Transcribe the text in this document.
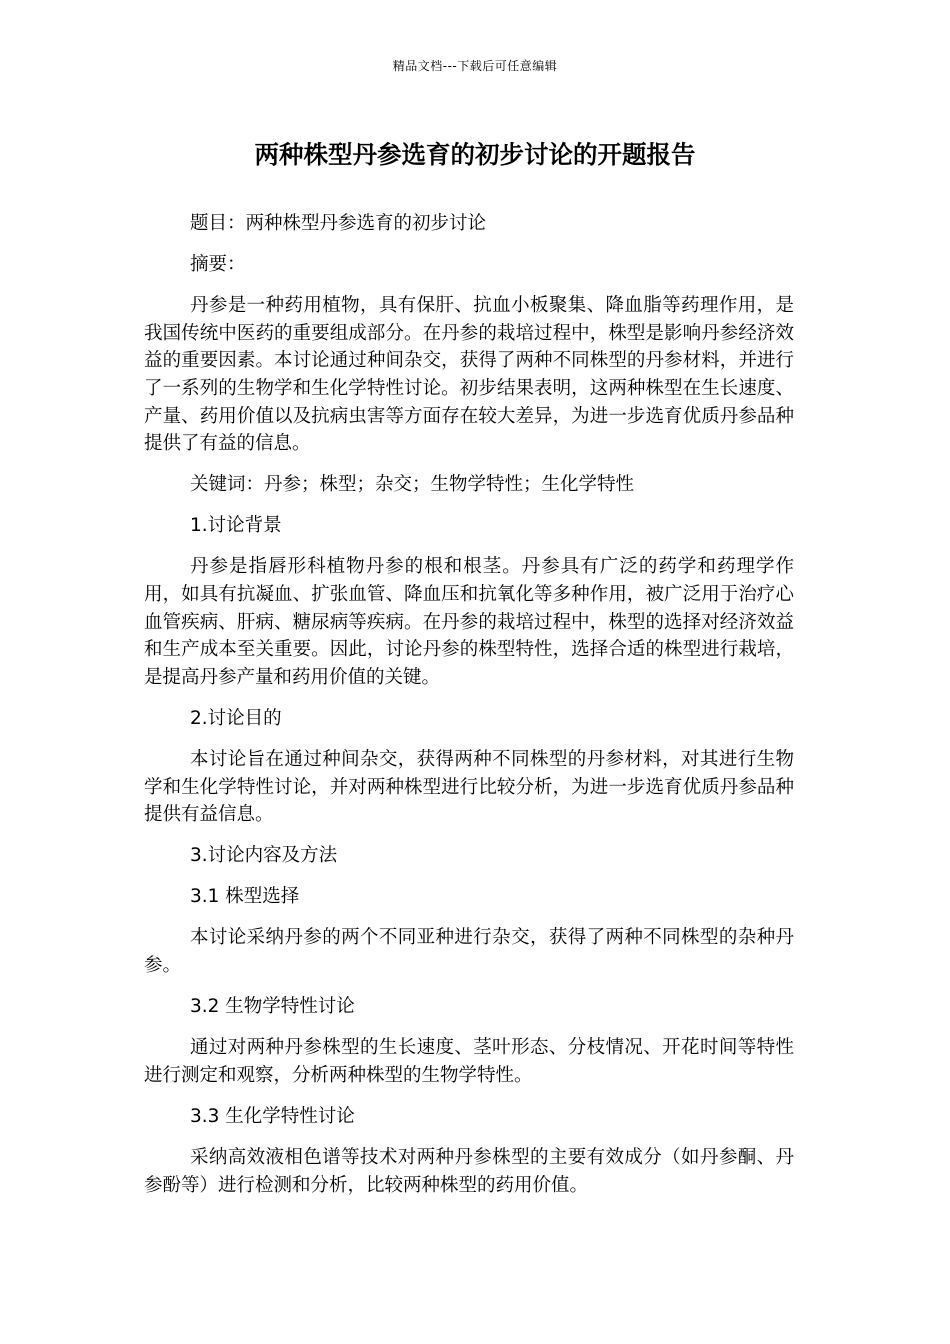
精品文档---下载后可任意编辑
两种株型丹参选育的初步讨论的开题报告

题目：两种株型丹参选育的初步讨论

摘要：

丹参是一种药用植物，具有保肝、抗血小板聚集、降血脂等药理作用，是我国传统中医药的重要组成部分。在丹参的栽培过程中，株型是影响丹参经济效益的重要因素。本讨论通过种间杂交，获得了两种不同株型的丹参材料，并进行了一系列的生物学和生化学特性讨论。初步结果表明，这两种株型在生长速度、产量、药用价值以及抗病虫害等方面存在较大差异，为进一步选育优质丹参品种提供了有益的信息。

关键词：丹参；株型；杂交；生物学特性；生化学特性

1.讨论背景

丹参是指唇形科植物丹参的根和根茎。丹参具有广泛的药学和药理学作用，如具有抗凝血、扩张血管、降血压和抗氧化等多种作用，被广泛用于治疗心血管疾病、肝病、糖尿病等疾病。在丹参的栽培过程中，株型的选择对经济效益和生产成本至关重要。因此，讨论丹参的株型特性，选择合适的株型进行栽培，是提高丹参产量和药用价值的关键。

2.讨论目的

本讨论旨在通过种间杂交，获得两种不同株型的丹参材料，对其进行生物学和生化学特性讨论，并对两种株型进行比较分析，为进一步选育优质丹参品种提供有益信息。

3.讨论内容及方法

3.1 株型选择

本讨论采纳丹参的两个不同亚种进行杂交，获得了两种不同株型的杂种丹参。

3.2 生物学特性讨论

通过对两种丹参株型的生长速度、茎叶形态、分枝情况、开花时间等特性进行测定和观察，分析两种株型的生物学特性。

3.3 生化学特性讨论

采纳高效液相色谱等技术对两种丹参株型的主要有效成分（如丹参酮、丹参酚等）进行检测和分析，比较两种株型的药用价值。
